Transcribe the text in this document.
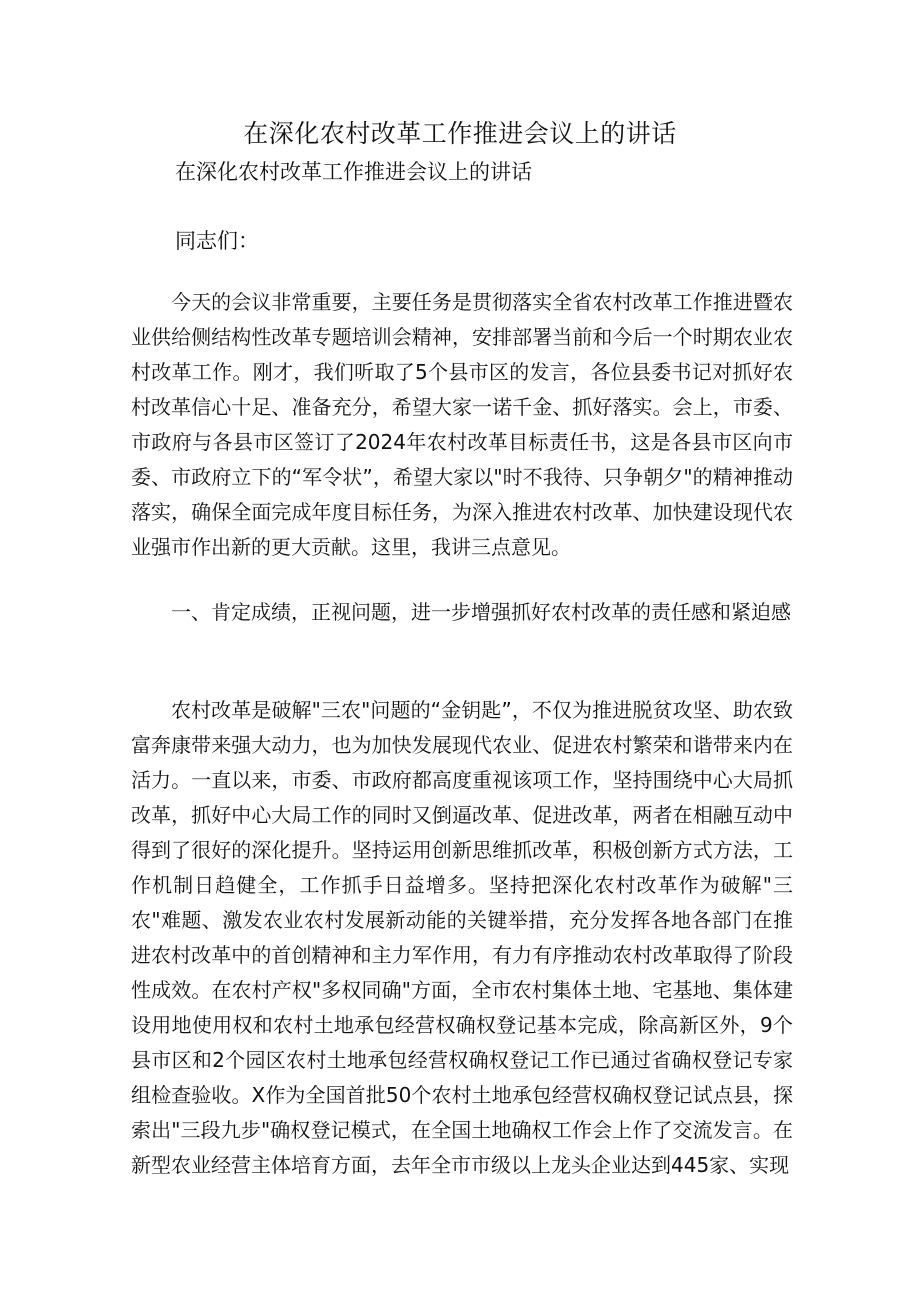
在深化农村改革工作推进会议上的讲话

在深化农村改革工作推进会议上的讲话

同志们：

今天的会议非常重要，主要任务是贯彻落实全省农村改革工作推进暨农业供给侧结构性改革专题培训会精神，安排部署当前和今后一个时期农业农村改革工作。刚才，我们听取了5个县市区的发言，各位县委书记对抓好农村改革信心十足、准备充分，希望大家一诺千金、抓好落实。会上，市委、市政府与各县市区签订了2024年农村改革目标责任书，这是各县市区向市委、市政府立下的“军令状”，希望大家以"时不我待、只争朝夕"的精神推动落实，确保全面完成年度目标任务，为深入推进农村改革、加快建设现代农业强市作出新的更大贡献。这里，我讲三点意见。

一、肯定成绩，正视问题，进一步增强抓好农村改革的责任感和紧迫感

农村改革是破解"三农"问题的“金钥匙”，不仅为推进脱贫攻坚、助农致富奔康带来强大动力，也为加快发展现代农业、促进农村繁荣和谐带来内在活力。一直以来，市委、市政府都高度重视该项工作，坚持围绕中心大局抓改革，抓好中心大局工作的同时又倒逼改革、促进改革，两者在相融互动中得到了很好的深化提升。坚持运用创新思维抓改革，积极创新方式方法，工作机制日趋健全，工作抓手日益增多。坚持把深化农村改革作为破解"三农"难题、激发农业农村发展新动能的关键举措，充分发挥各地各部门在推进农村改革中的首创精神和主力军作用，有力有序推动农村改革取得了阶段性成效。在农村产权"多权同确"方面，全市农村集体土地、宅基地、集体建设用地使用权和农村土地承包经营权确权登记基本完成，除高新区外，9个县市区和2个园区农村土地承包经营权确权登记工作已通过省确权登记专家组检查验收。X作为全国首批50个农村土地承包经营权确权登记试点县，探索出"三段九步"确权登记模式，在全国土地确权工作会上作了交流发言。在新型农业经营主体培育方面，去年全市市级以上龙头企业达到445家、实现
